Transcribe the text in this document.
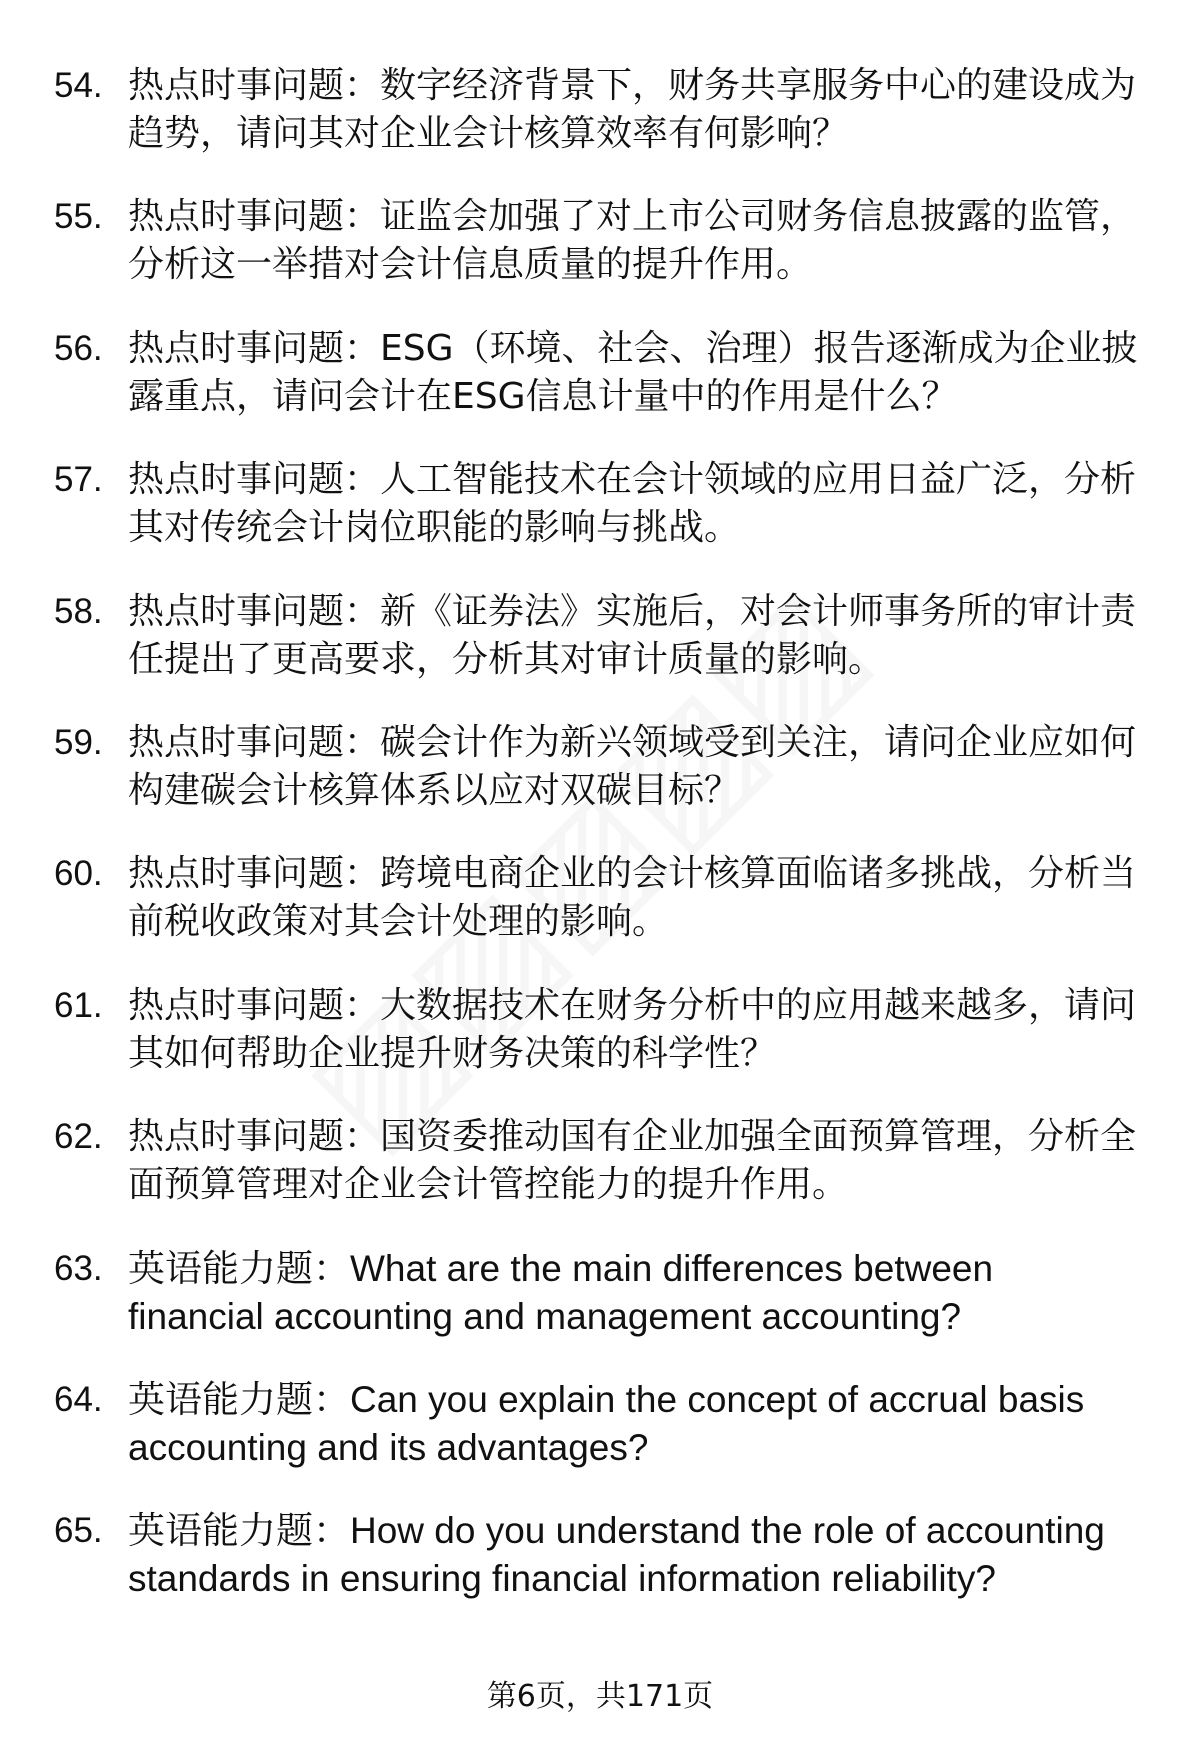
54. 热点时事问题：数字经济背景下，财务共享服务中心的建设成为
趋势，请问其对企业会计核算效率有何影响？
55. 热点时事问题：证监会加强了对上市公司财务信息披露的监管，
分析这一举措对会计信息质量的提升作用。
56. 热点时事问题：ESG（环境、社会、治理）报告逐渐成为企业披
露重点，请问会计在ESG信息计量中的作用是什么？
57. 热点时事问题：人工智能技术在会计领域的应用日益广泛，分析
其对传统会计岗位职能的影响与挑战。
58. 热点时事问题：新《证券法》实施后，对会计师事务所的审计责
任提出了更高要求，分析其对审计质量的影响。
59. 热点时事问题：碳会计作为新兴领域受到关注，请问企业应如何
构建碳会计核算体系以应对双碳目标？
60. 热点时事问题：跨境电商企业的会计核算面临诸多挑战，分析当
前税收政策对其会计处理的影响。
61. 热点时事问题：大数据技术在财务分析中的应用越来越多，请问
其如何帮助企业提升财务决策的科学性？
62. 热点时事问题：国资委推动国有企业加强全面预算管理，分析全
面预算管理对企业会计管控能力的提升作用。
63. 英语能力题：What are the main differences between
financial accounting and management accounting?
64. 英语能力题：Can you explain the concept of accrual basis
accounting and its advantages?
65. 英语能力题：How do you understand the role of accounting
standards in ensuring financial information reliability?
第6页，共171页
